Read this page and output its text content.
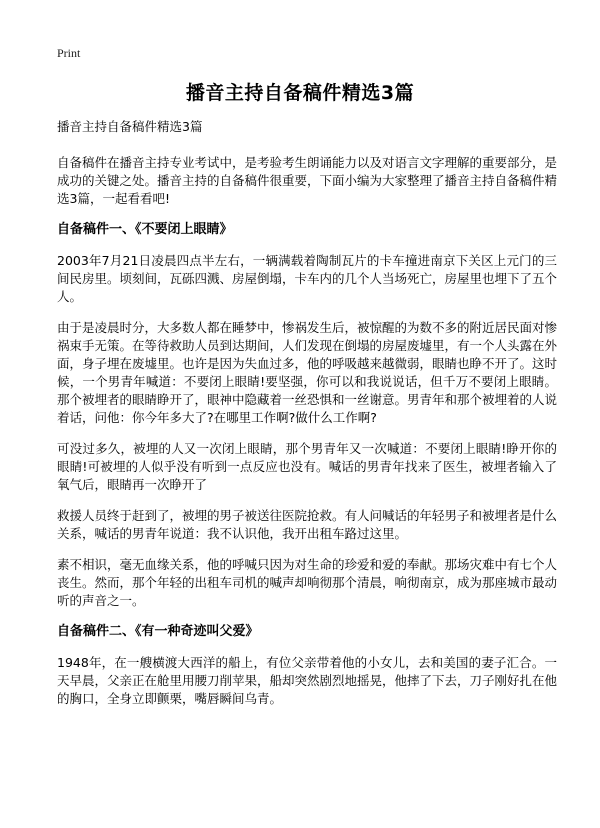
Print
播音主持自备稿件精选3篇

播音主持自备稿件精选3篇

自备稿件在播音主持专业考试中，是考验考生朗诵能力以及对语言文字理解的重要部分，是成功的关键之处。播音主持的自备稿件很重要，下面小编为大家整理了播音主持自备稿件精选3篇，一起看看吧!

自备稿件一、《不要闭上眼睛》

2003年7月21日凌晨四点半左右，一辆满载着陶制瓦片的卡车撞进南京下关区上元门的三间民房里。顷刻间，瓦砾四溅、房屋倒塌，卡车内的几个人当场死亡，房屋里也埋下了五个人。

由于是凌晨时分，大多数人都在睡梦中，惨祸发生后，被惊醒的为数不多的附近居民面对惨祸束手无策。在等待救助人员到达期间，人们发现在倒塌的房屋废墟里，有一个人头露在外面，身子埋在废墟里。也许是因为失血过多，他的呼吸越来越微弱，眼睛也睁不开了。这时候，一个男青年喊道：不要闭上眼睛!要坚强，你可以和我说说话，但千万不要闭上眼睛。那个被埋者的眼睛睁开了，眼神中隐藏着一丝恐惧和一丝谢意。男青年和那个被埋着的人说着话，问他：你今年多大了?在哪里工作啊?做什么工作啊?

可没过多久，被埋的人又一次闭上眼睛，那个男青年又一次喊道：不要闭上眼睛!睁开你的眼睛!可被埋的人似乎没有听到一点反应也没有。喊话的男青年找来了医生，被埋者输入了氧气后，眼睛再一次睁开了

救援人员终于赶到了，被埋的男子被送往医院抢救。有人问喊话的年轻男子和被埋者是什么关系，喊话的男青年说道：我不认识他，我开出租车路过这里。

素不相识，毫无血缘关系，他的呼喊只因为对生命的珍爱和爱的奉献。那场灾难中有七个人丧生。然而，那个年轻的出租车司机的喊声却响彻那个清晨，响彻南京，成为那座城市最动听的声音之一。

自备稿件二、《有一种奇迹叫父爱》

1948年，在一艘横渡大西洋的船上，有位父亲带着他的小女儿，去和美国的妻子汇合。一天早晨，父亲正在舱里用腰刀削苹果，船却突然剧烈地摇晃，他摔了下去，刀子刚好扎在他的胸口，全身立即颤栗，嘴唇瞬间乌青。
